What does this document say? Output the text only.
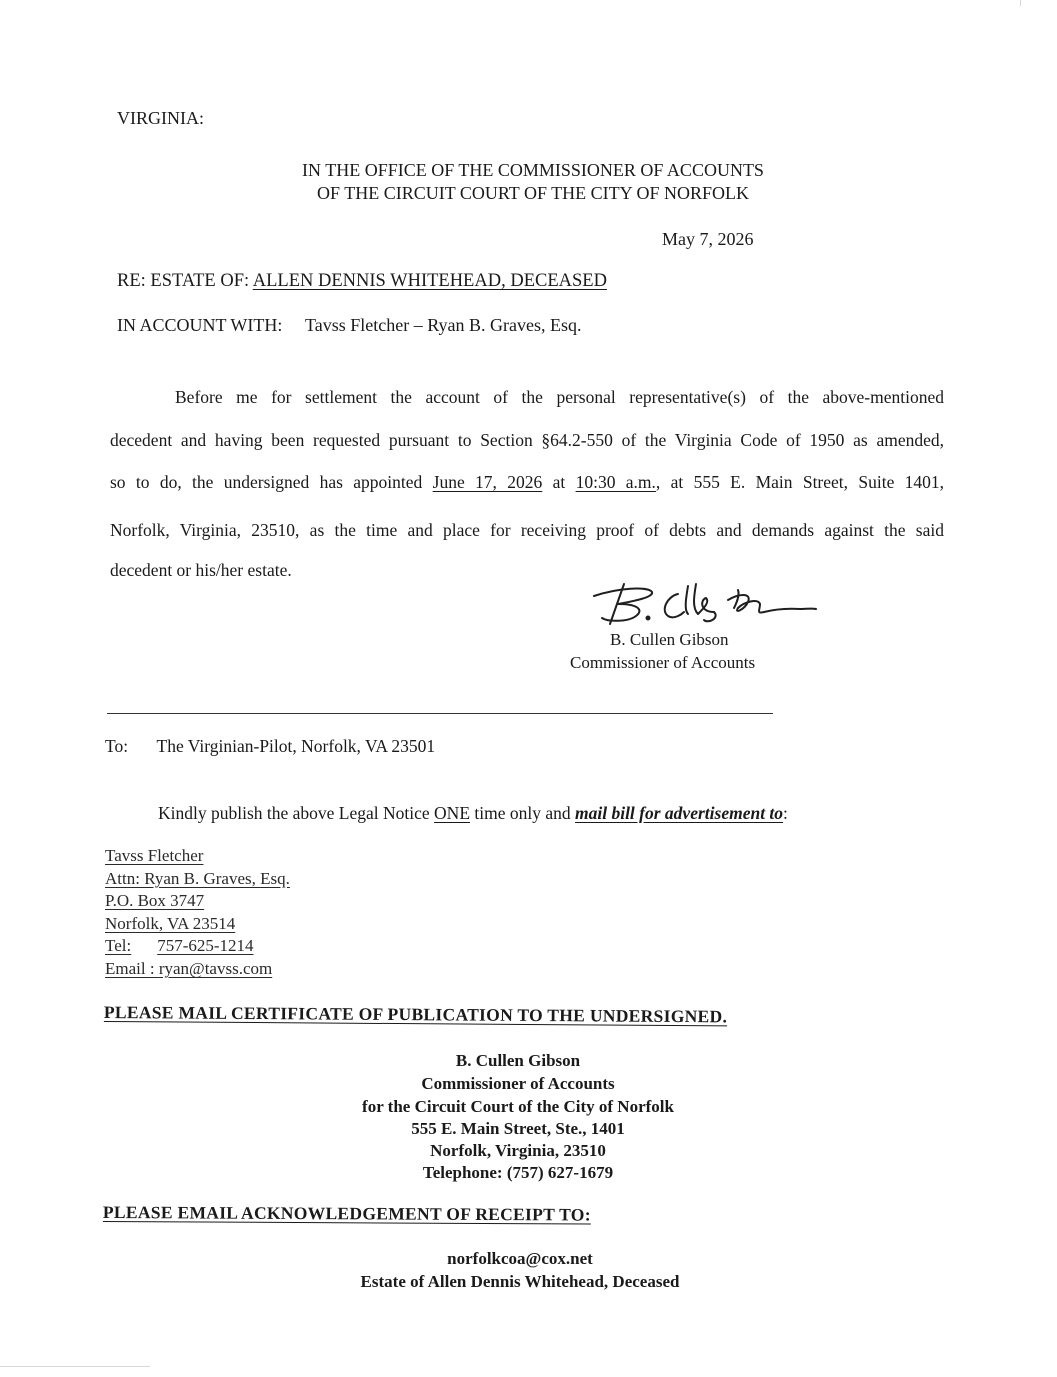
VIRGINIA:
IN THE OFFICE OF THE COMMISSIONER OF ACCOUNTS
OF THE CIRCUIT COURT OF THE CITY OF NORFOLK
May 7, 2026
RE: ESTATE OF: ALLEN DENNIS WHITEHEAD, DECEASED
IN ACCOUNT WITH: Tavss Fletcher – Ryan B. Graves, Esq.
Before me for settlement the account of the personal representative(s) of the above-mentioned
decedent and having been requested pursuant to Section §64.2-550 of the Virginia Code of 1950 as amended,
so to do, the undersigned has appointed June 17, 2026 at 10:30 a.m., at 555 E. Main Street, Suite 1401,
Norfolk, Virginia, 23510, as the time and place for receiving proof of debts and demands against the said
decedent or his/her estate.
B. Cullen Gibson
Commissioner of Accounts
To: The Virginian-Pilot, Norfolk, VA 23501
Kindly publish the above Legal Notice ONE time only and mail bill for advertisement to:
Tavss Fletcher
Attn: Ryan B. Graves, Esq.
P.O. Box 3747
Norfolk, VA 23514
Tel: 757-625-1214
Email : ryan@tavss.com
PLEASE MAIL CERTIFICATE OF PUBLICATION TO THE UNDERSIGNED.
B. Cullen Gibson
Commissioner of Accounts
for the Circuit Court of the City of Norfolk
555 E. Main Street, Ste., 1401
Norfolk, Virginia, 23510
Telephone: (757) 627-1679
PLEASE EMAIL ACKNOWLEDGEMENT OF RECEIPT TO:
norfolkcoa@cox.net
Estate of Allen Dennis Whitehead, Deceased
